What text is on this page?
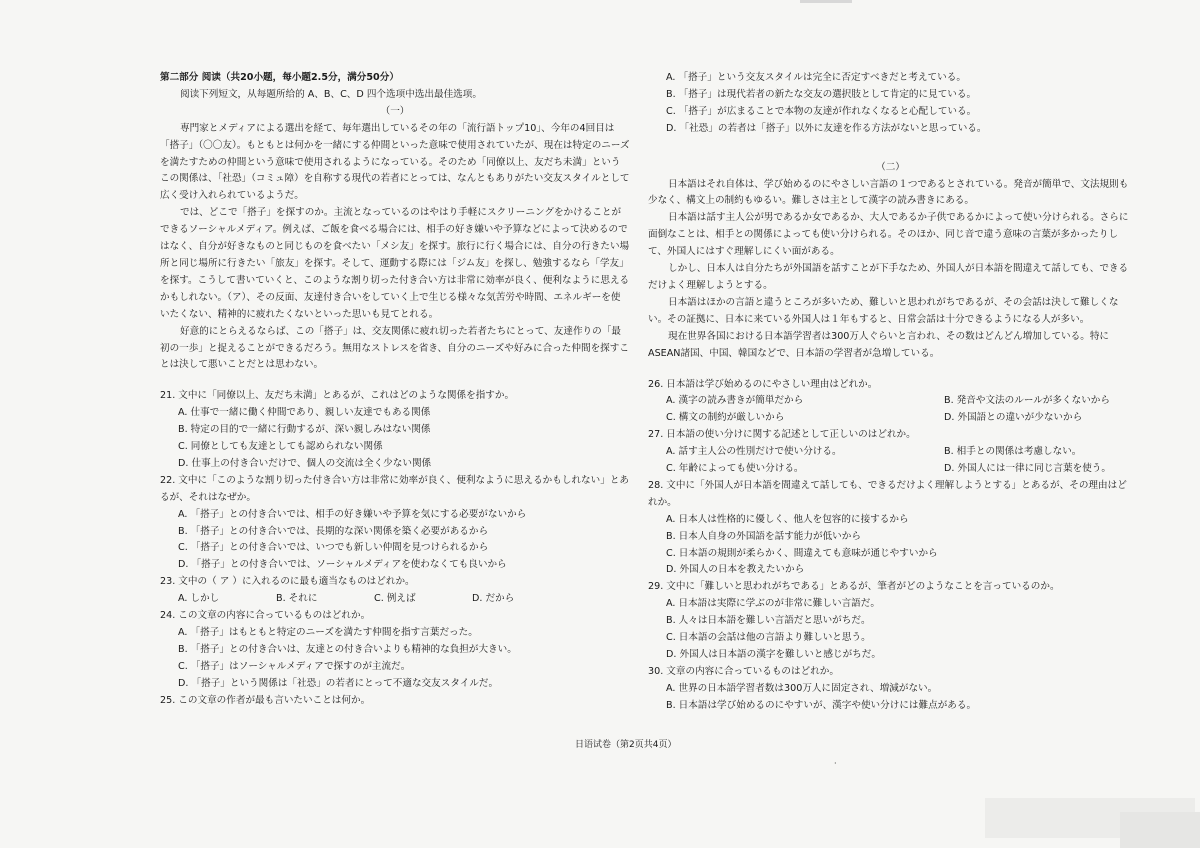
第二部分 阅读（共20小题，每小题2.5分，满分50分）

阅读下列短文，从每题所给的 A、B、C、D 四个选项中选出最佳选项。

（一）

専門家とメディアによる選出を経て、毎年選出しているその年の「流行語トップ10」、今年の4回目は「搭子」（〇〇友）。もともとは何かを一緒にする仲間といった意味で使用されていたが、現在は特定のニーズを満たすための仲間という意味で使用されるようになっている。そのため「同僚以上、友だち未満」というこの関係は、「社恐」（コミュ障）を自称する現代の若者にとっては、なんともありがたい交友スタイルとして広く受け入れられているようだ。

では、どこで「搭子」を探すのか。主流となっているのはやはり手軽にスクリーニングをかけることができるソーシャルメディア。例えば、ご飯を食べる場合には、相手の好き嫌いや予算などによって決めるのではなく、自分が好きなものと同じものを食べたい「メシ友」を探す。旅行に行く場合には、自分の行きたい場所と同じ場所に行きたい「旅友」を探す。そして、運動する際には「ジム友」を探し、勉強するなら「学友」を探す。こうして書いていくと、このような割り切った付き合い方は非常に効率が良く、便利なように思えるかもしれない。（ア）、その反面、友達付き合いをしていく上で生じる様々な気苦労や時間、エネルギーを使いたくない、精神的に疲れたくないといった思いも見てとれる。

好意的にとらえるならば、この「搭子」は、交友関係に疲れ切った若者たちにとって、友達作りの「最初の一歩」と捉えることができるだろう。無用なストレスを省き、自分のニーズや好みに合った仲間を探すことは決して悪いことだとは思わない。

21. 文中に「同僚以上、友だち未満」とあるが、これはどのような関係を指すか。

A. 仕事で一緒に働く仲間であり、親しい友達でもある関係

B. 特定の目的で一緒に行動するが、深い親しみはない関係

C. 同僚としても友達としても認められない関係

D. 仕事上の付き合いだけで、個人の交流は全く少ない関係

22. 文中に「このような割り切った付き合い方は非常に効率が良く、便利なように思えるかもしれない」とあるが、それはなぜか。

A. 「搭子」との付き合いでは、相手の好き嫌いや予算を気にする必要がないから

B. 「搭子」との付き合いでは、長期的な深い関係を築く必要があるから

C. 「搭子」との付き合いでは、いつでも新しい仲間を見つけられるから

D. 「搭子」との付き合いでは、ソーシャルメディアを使わなくても良いから

23. 文中の（ ア ）に入れるのに最も適当なものはどれか。

A. しかし	B. それに	C. 例えば	D. だから

24. この文章の内容に合っているものはどれか。

A. 「搭子」はもともと特定のニーズを満たす仲間を指す言葉だった。

B. 「搭子」との付き合いは、友達との付き合いよりも精神的な負担が大きい。

C. 「搭子」はソーシャルメディアで探すのが主流だ。

D. 「搭子」という関係は「社恐」の若者にとって不適な交友スタイルだ。

25. この文章の作者が最も言いたいことは何か。

A. 「搭子」という交友スタイルは完全に否定すべきだと考えている。

B. 「搭子」は現代若者の新たな交友の選択肢として肯定的に見ている。

C. 「搭子」が広まることで本物の友達が作れなくなると心配している。

D. 「社恐」の若者は「搭子」以外に友達を作る方法がないと思っている。

（二）

日本語はそれ自体は、学び始めるのにやさしい言語の１つであるとされている。発音が簡単で、文法規則も少なく、構文上の制約もゆるい。難しさは主として漢字の読み書きにある。

日本語は話す主人公が男であるか女であるか、大人であるか子供であるかによって使い分けられる。さらに面倒なことは、相手との関係によっても使い分けられる。そのほか、同じ音で違う意味の言葉が多かったりして、外国人にはすぐ理解しにくい面がある。

しかし、日本人は自分たちが外国語を話すことが下手なため、外国人が日本語を間違えて話しても、できるだけよく理解しようとする。

日本語はほかの言語と違うところが多いため、難しいと思われがちであるが、その会話は決して難しくない。その証拠に、日本に来ている外国人は１年もすると、日常会話は十分できるようになる人が多い。

現在世界各国における日本語学習者は300万人ぐらいと言われ、その数はどんどん増加している。特にASEAN諸国、中国、韓国などで、日本語の学習者が急増している。

26. 日本語は学び始めるのにやさしい理由はどれか。

A. 漢字の読み書きが簡単だから	B. 発音や文法のルールが多くないから
C. 構文の制約が厳しいから	D. 外国語との違いが少ないから

27. 日本語の使い分けに関する記述として正しいのはどれか。

A. 話す主人公の性別だけで使い分ける。	B. 相手との関係は考慮しない。
C. 年齢によっても使い分ける。	D. 外国人には一律に同じ言葉を使う。

28. 文中に「外国人が日本語を間違えて話しても、できるだけよく理解しようとする」とあるが、その理由はどれか。

A. 日本人は性格的に優しく、他人を包容的に接するから

B. 日本人自身の外国語を話す能力が低いから

C. 日本語の規則が柔らかく、間違えても意味が通じやすいから

D. 外国人の日本を教えたいから

29. 文中に「難しいと思われがちである」とあるが、筆者がどのようなことを言っているのか。

A. 日本語は実際に学ぶのが非常に難しい言語だ。

B. 人々は日本語を難しい言語だと思いがちだ。

C. 日本語の会話は他の言語より難しいと思う。

D. 外国人は日本語の漢字を難しいと感じがちだ。

30. 文章の内容に合っているものはどれか。

A. 世界の日本語学習者数は300万人に固定され、増減がない。

B. 日本語は学び始めるのにやすいが、漢字や使い分けには難点がある。

日语试卷（第2页共4页）
·
